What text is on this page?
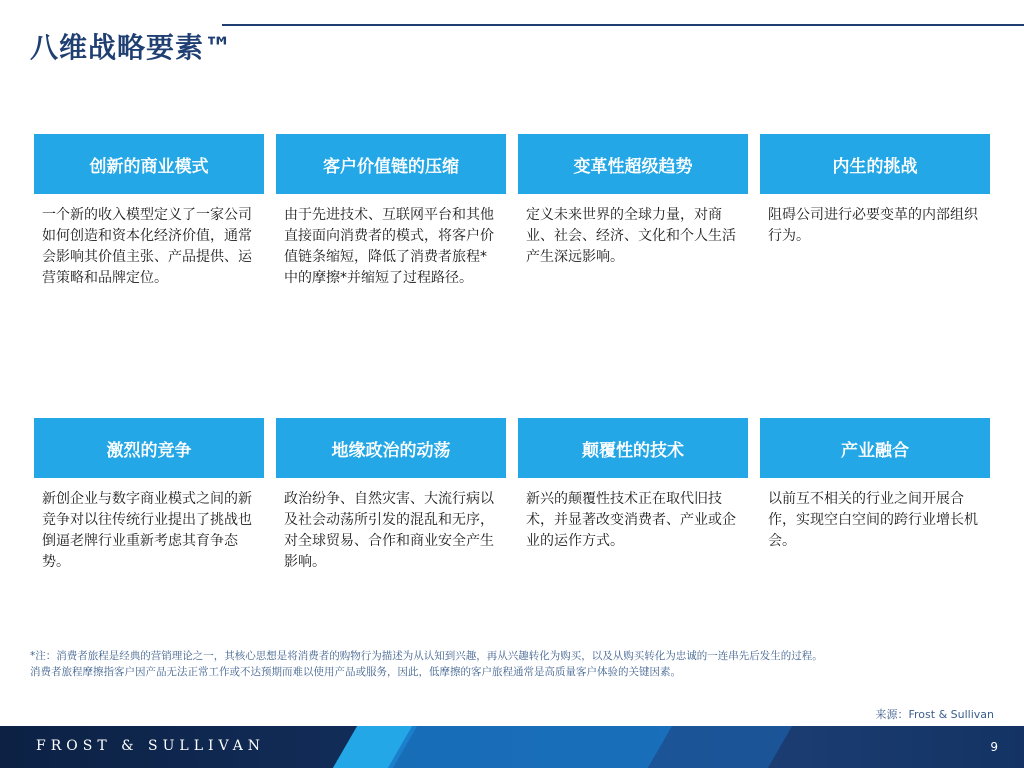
八维战略要素™
创新的商业模式
一个新的收入模型定义了一家公司如何创造和资本化经济价值，通常会影响其价值主张、产品提供、运营策略和品牌定位。
客户价值链的压缩
由于先进技术、互联网平台和其他直接面向消费者的模式，将客户价值链条缩短，降低了消费者旅程*中的摩擦*并缩短了过程路径。
变革性超级趋势
定义未来世界的全球力量，对商业、社会、经济、文化和个人生活产生深远影响。
内生的挑战
阻碍公司进行必要变革的内部组织行为。
激烈的竞争
新创企业与数字商业模式之间的新竞争对以往传统行业提出了挑战也倒逼老牌行业重新考虑其育争态势。
地缘政治的动荡
政治纷争、自然灾害、大流行病以及社会动荡所引发的混乱和无序，对全球贸易、合作和商业安全产生影响。
颠覆性的技术
新兴的颠覆性技术正在取代旧技术，并显著改变消费者、产业或企业的运作方式。
产业融合
以前互不相关的行业之间开展合作，实现空白空间的跨行业增长机会。
*注：消费者旅程是经典的营销理论之一，其核心思想是将消费者的购物行为描述为从认知到兴趣，再从兴趣转化为购买，以及从购买转化为忠诚的一连串先后发生的过程。
消费者旅程摩擦指客户因产品无法正常工作或不达预期而难以使用产品或服务，因此，低摩擦的客户旅程通常是高质量客户体验的关键因素。
来源：Frost & Sullivan
FROST & SULLIVAN	9
